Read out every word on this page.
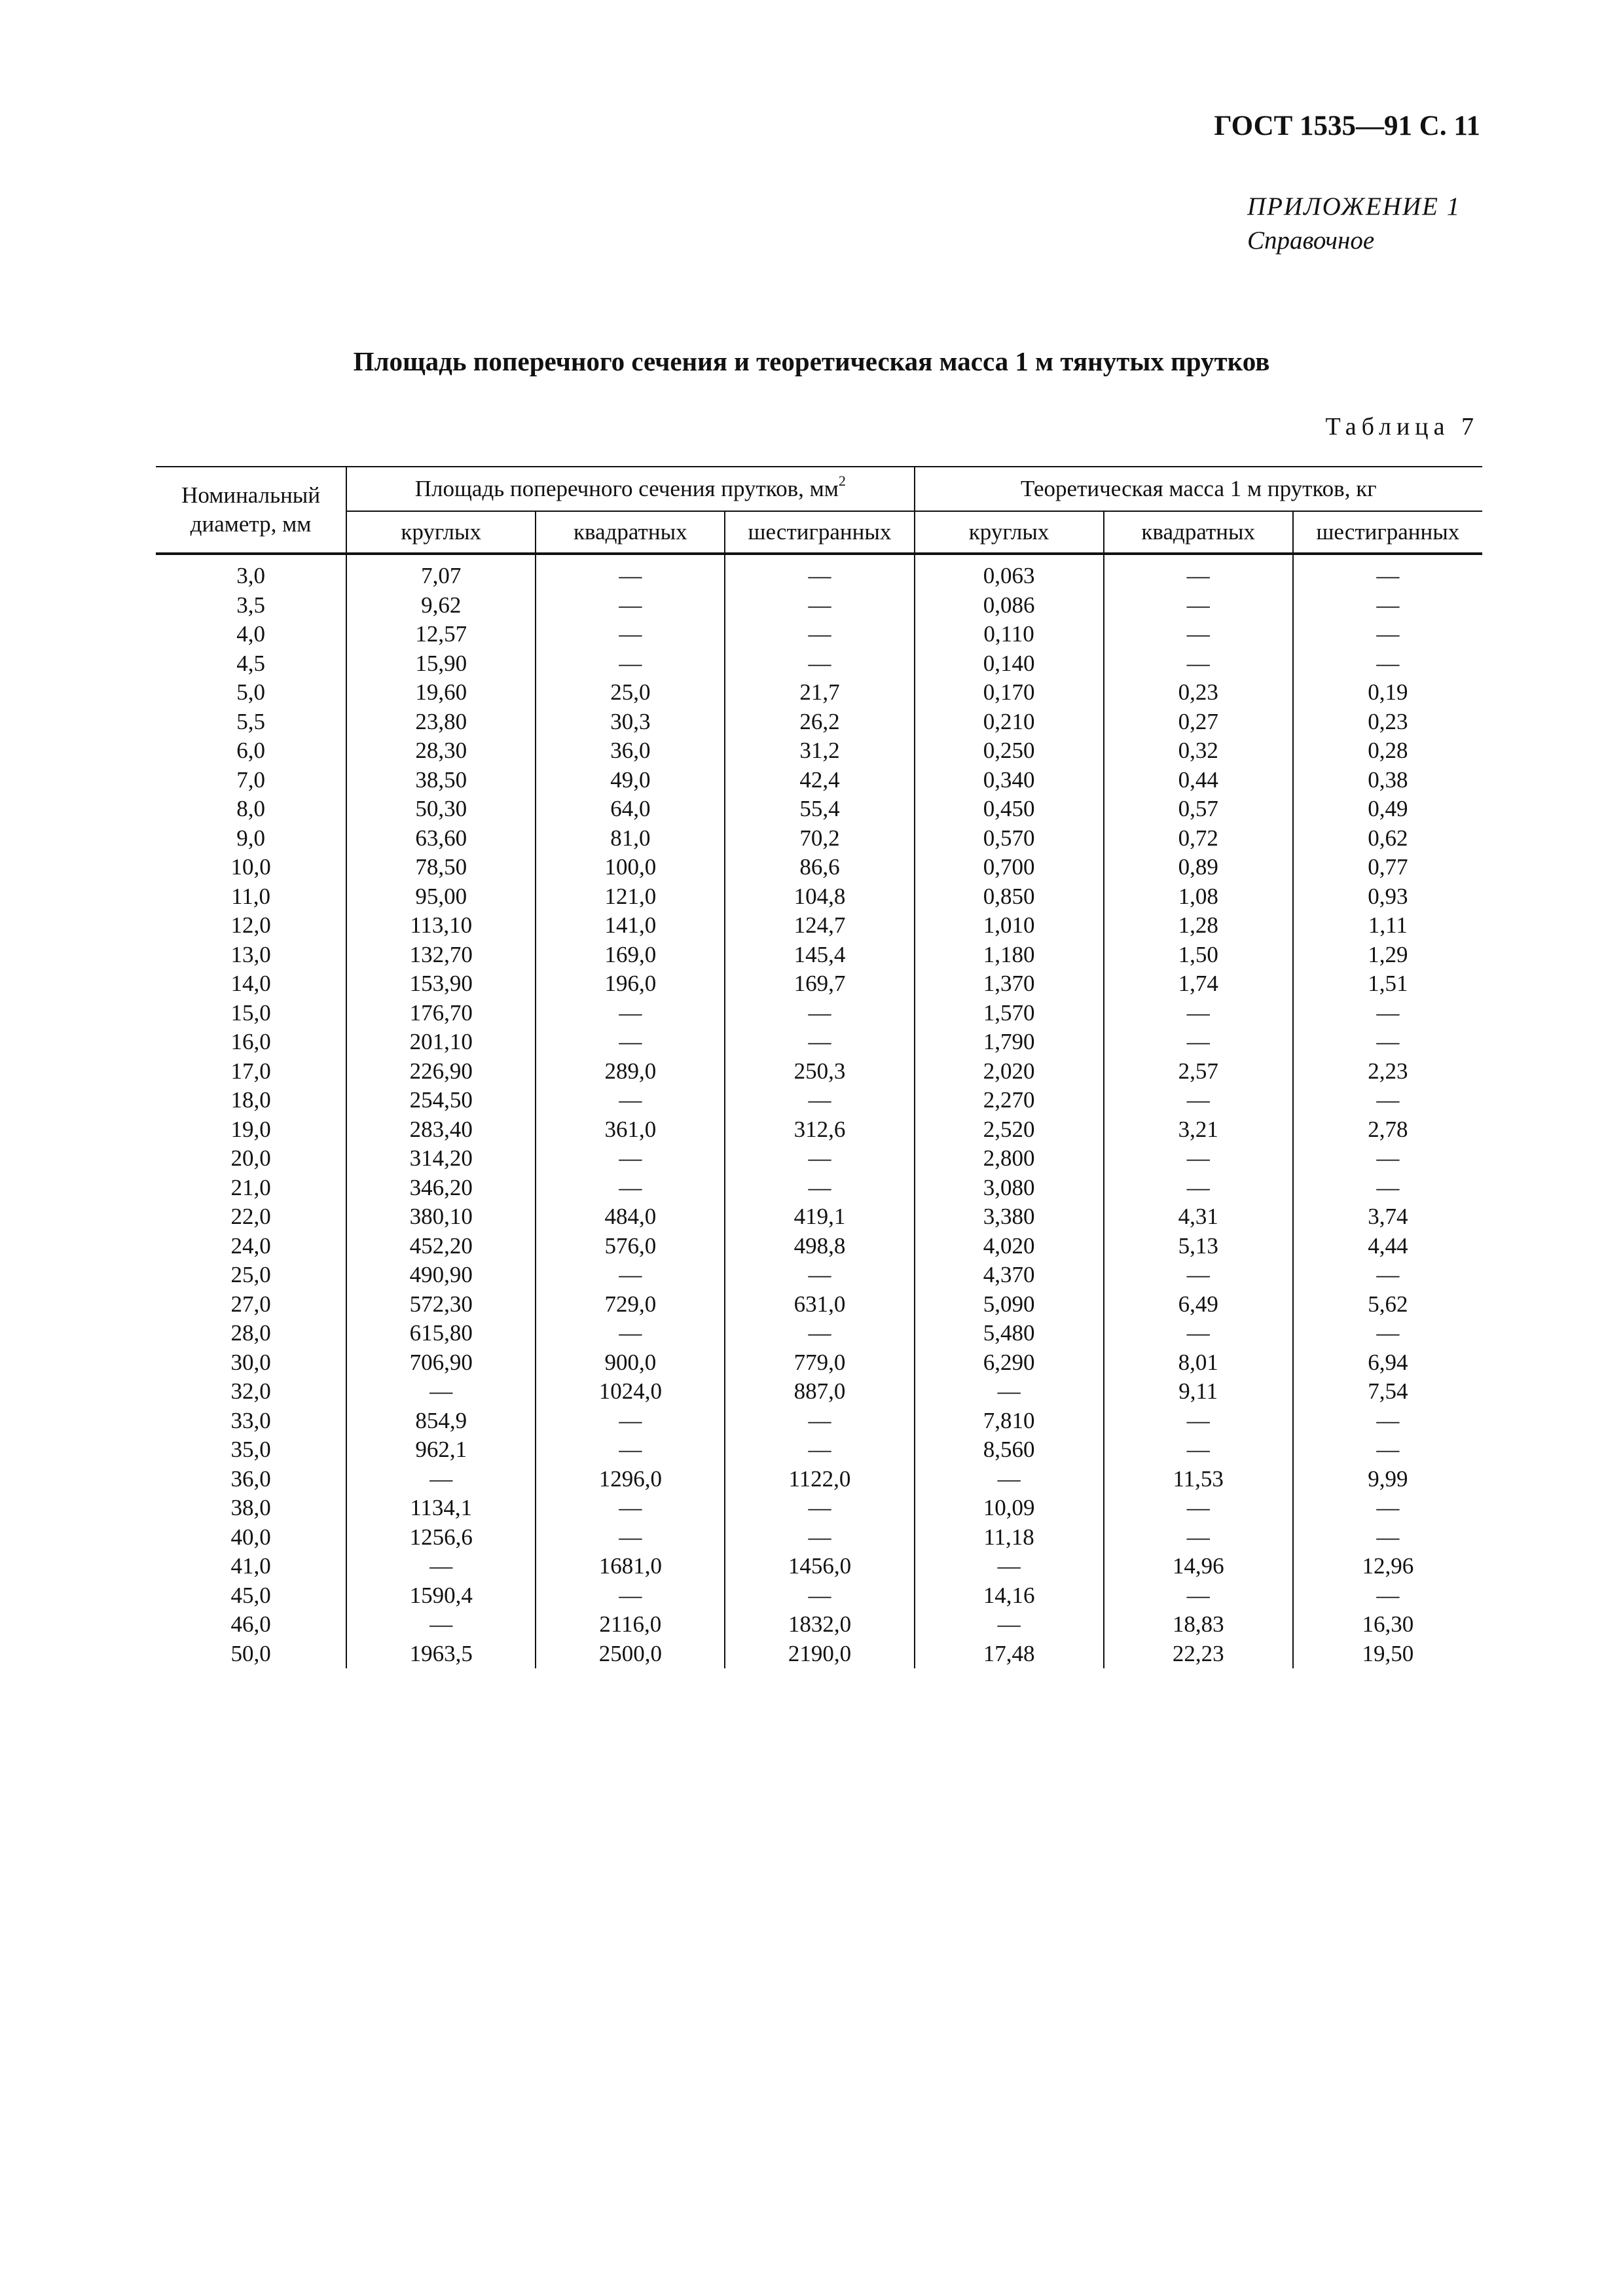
ГОСТ 1535—91 С. 11
ПРИЛОЖЕНИЕ 1
Справочное
Площадь поперечного сечения и теоретическая масса 1 м тянутых прутков
Таблица 7
Номинальный диаметр, мм	Площадь поперечного сечения прутков, $мм^2$			Теоретическая масса 1 м прутков, кг		
	круглых	квадратных	шестигранных	круглых	квадратных	шестигранных
3,0	7,07	—	—	0,063	—	—
3,5	9,62	—	—	0,086	—	—
4,0	12,57	—	—	0,110	—	—
4,5	15,90	—	—	0,140	—	—
5,0	19,60	25,0	21,7	0,170	0,23	0,19
5,5	23,80	30,3	26,2	0,210	0,27	0,23
6,0	28,30	36,0	31,2	0,250	0,32	0,28
7,0	38,50	49,0	42,4	0,340	0,44	0,38
8,0	50,30	64,0	55,4	0,450	0,57	0,49
9,0	63,60	81,0	70,2	0,570	0,72	0,62
10,0	78,50	100,0	86,6	0,700	0,89	0,77
11,0	95,00	121,0	104,8	0,850	1,08	0,93
12,0	113,10	141,0	124,7	1,010	1,28	1,11
13,0	132,70	169,0	145,4	1,180	1,50	1,29
14,0	153,90	196,0	169,7	1,370	1,74	1,51
15,0	176,70	—	—	1,570	—	—
16,0	201,10	—	—	1,790	—	—
17,0	226,90	289,0	250,3	2,020	2,57	2,23
18,0	254,50	—	—	2,270	—	—
19,0	283,40	361,0	312,6	2,520	3,21	2,78
20,0	314,20	—	—	2,800	—	—
21,0	346,20	—	—	3,080	—	—
22,0	380,10	484,0	419,1	3,380	4,31	3,74
24,0	452,20	576,0	498,8	4,020	5,13	4,44
25,0	490,90	—	—	4,370	—	—
27,0	572,30	729,0	631,0	5,090	6,49	5,62
28,0	615,80	—	—	5,480	—	—
30,0	706,90	900,0	779,0	6,290	8,01	6,94
32,0	—	1024,0	887,0	—	9,11	7,54
33,0	854,9	—	—	7,810	—	—
35,0	962,1	—	—	8,560	—	—
36,0	—	1296,0	1122,0	—	11,53	9,99
38,0	1134,1	—	—	10,09	—	—
40,0	1256,6	—	—	11,18	—	—
41,0	—	1681,0	1456,0	—	14,96	12,96
45,0	1590,4	—	—	14,16	—	—
46,0	—	2116,0	1832,0	—	18,83	16,30
50,0	1963,5	2500,0	2190,0	17,48	22,23	19,50
